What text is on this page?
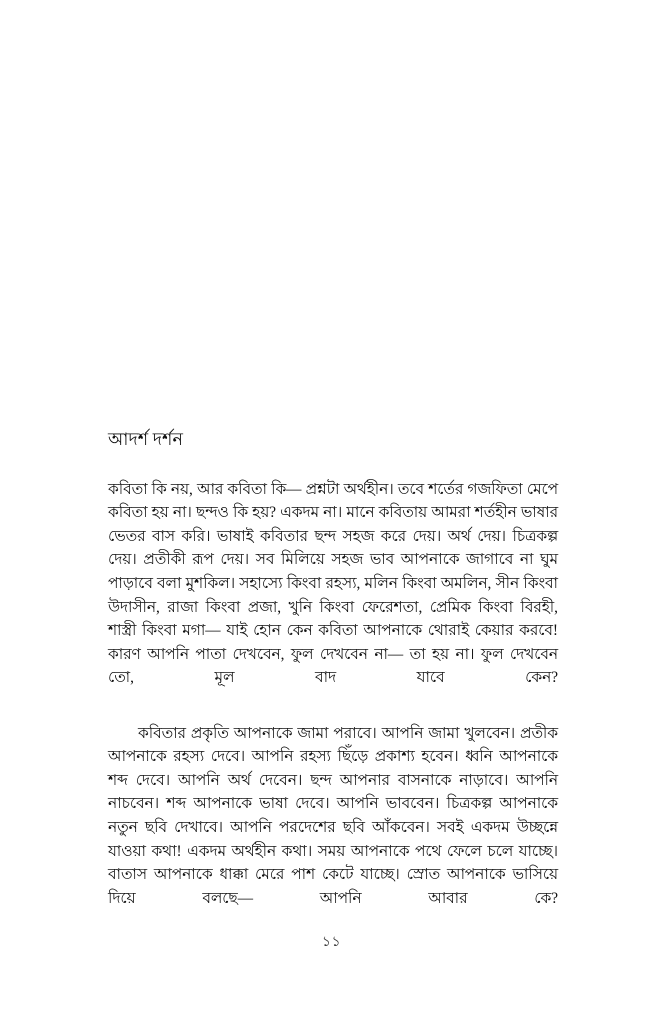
আদর্শ দর্শন

কবিতা কি নয়, আর কবিতা কি— প্রশ্নটা অর্থহীন। তবে শর্তের গজফিতা মেপে কবিতা হয় না। ছন্দও কি হয়? একদম না। মানে কবিতায় আমরা শর্তহীন ভাষার ভেতর বাস করি। ভাষাই কবিতার ছন্দ সহজ করে দেয়। অর্থ দেয়। চিত্রকল্প দেয়। প্রতীকী রূপ দেয়। সব মিলিয়ে সহজ ভাব আপনাকে জাগাবে না ঘুম পাড়াবে বলা মুশকিল। সহাস্যে কিংবা রহস্য, মলিন কিংবা অমলিন, সীন কিংবা উদাসীন, রাজা কিংবা প্রজা, খুনি কিংবা ফেরেশতা, প্রেমিক কিংবা বিরহী, শাস্ত্রী কিংবা মগা— যাই হোন কেন কবিতা আপনাকে থোরাই কেয়ার করবে! কারণ আপনি পাতা দেখবেন, ফুল দেখবেন না— তা হয় না। ফুল দেখবেন তো, মূল বাদ যাবে কেন?

কবিতার প্রকৃতি আপনাকে জামা পরাবে। আপনি জামা খুলবেন। প্রতীক আপনাকে রহস্য দেবে। আপনি রহস্য ছিঁড়ে প্রকাশ্য হবেন। ধ্বনি আপনাকে শব্দ দেবে। আপনি অর্থ দেবেন। ছন্দ আপনার বাসনাকে নাড়াবে। আপনি নাচবেন। শব্দ আপনাকে ভাষা দেবে। আপনি ভাববেন। চিত্রকল্প আপনাকে নতুন ছবি দেখাবে। আপনি পরদেশের ছবি আঁকবেন। সবই একদম উচ্ছন্নে যাওয়া কথা! একদম অর্থহীন কথা। সময় আপনাকে পথে ফেলে চলে যাচ্ছে। বাতাস আপনাকে ধাক্কা মেরে পাশ কেটে যাচ্ছে। স্রোত আপনাকে ভাসিয়ে দিয়ে বলছে— আপনি আবার কে?

১১
